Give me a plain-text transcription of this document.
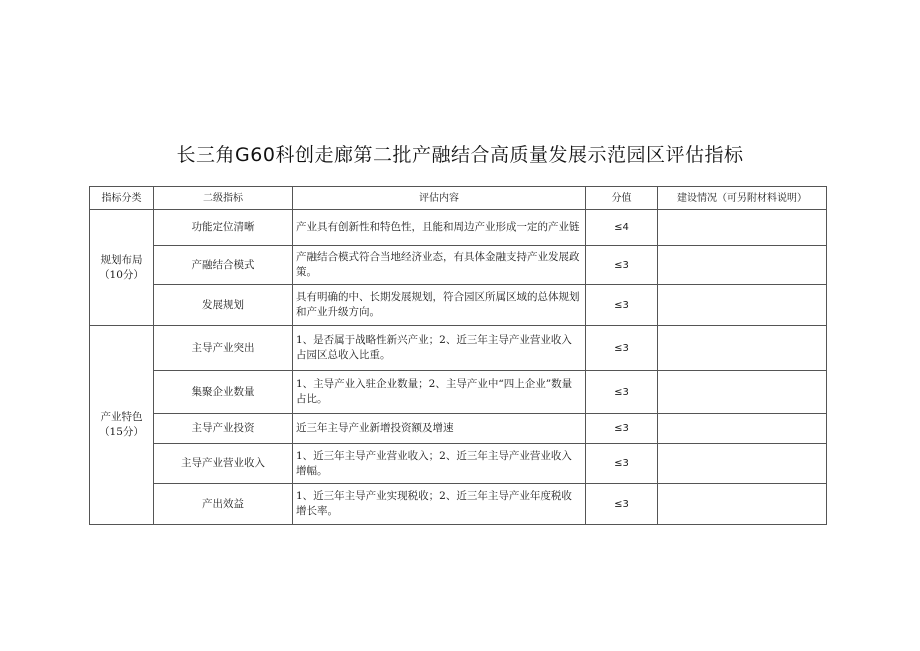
长三角G60科创走廊第二批产融结合高质量发展示范园区评估指标
指标分类	二级指标	评估内容	分值	建设情况（可另附材料说明）
规划布局（10分）	功能定位清晰	产业具有创新性和特色性，且能和周边产业形成一定的产业链	≤4	
	产融结合模式	产融结合模式符合当地经济业态，有具体金融支持产业发展政策。	≤3	
	发展规划	具有明确的中、长期发展规划，符合园区所属区域的总体规划和产业升级方向。	≤3	
产业特色（15分）	主导产业突出	1、是否属于战略性新兴产业；2、近三年主导产业营业收入占园区总收入比重。	≤3	
	集聚企业数量	1、主导产业入驻企业数量；2、主导产业中“四上企业”数量占比。	≤3	
	主导产业投资	近三年主导产业新增投资额及增速	≤3	
	主导产业营业收入	1、近三年主导产业营业收入；2、近三年主导产业营业收入增幅。	≤3	
	产出效益	1、近三年主导产业实现税收；2、近三年主导产业年度税收增长率。	≤3	
